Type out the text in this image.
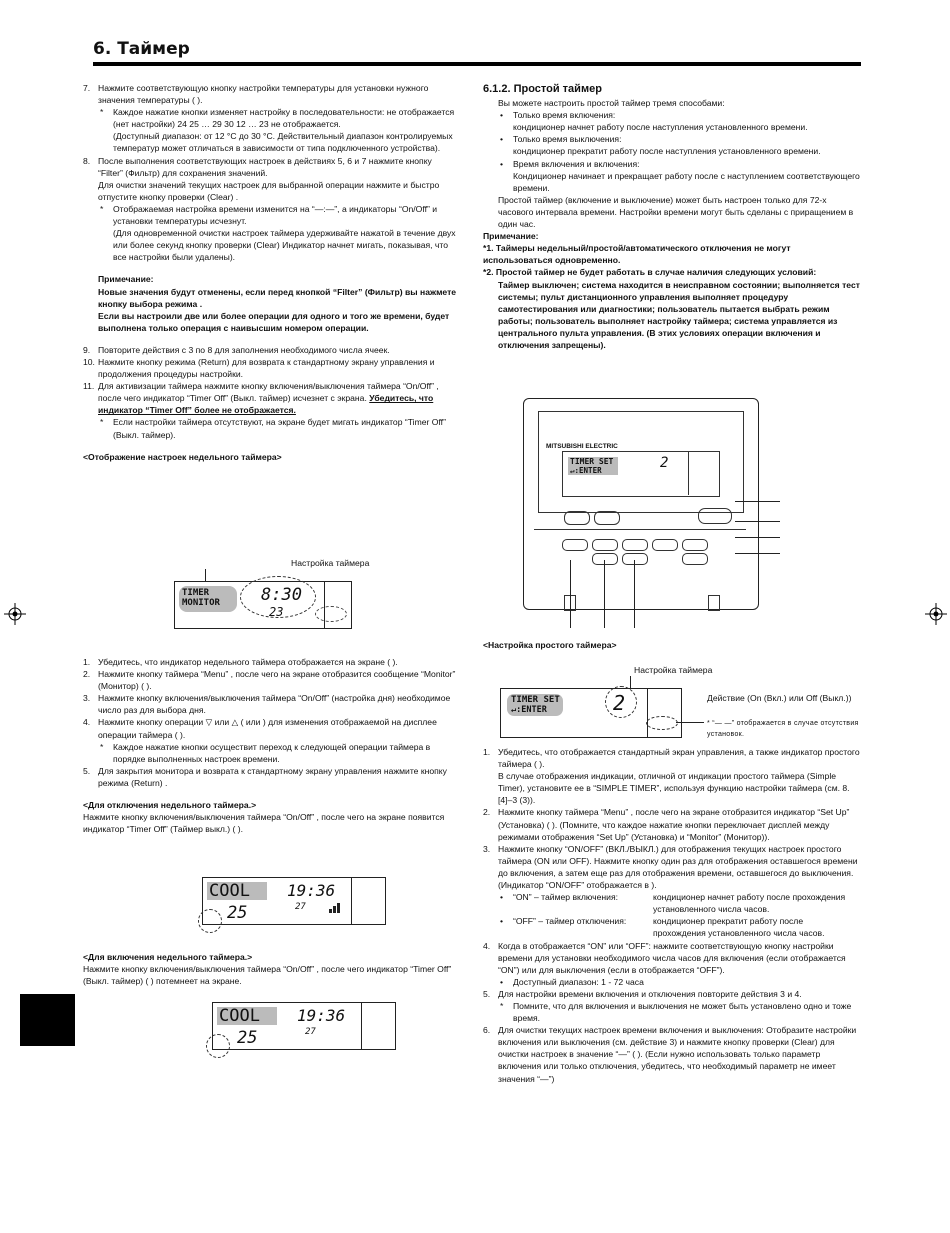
6. Таймер

7. Нажмите соответствующую кнопку настройки температуры для установки нужного значения температуры ( ).

* Каждое нажатие кнопки изменяет настройку в последовательности: не отображается (нет настройки) 24 25 … 29 30 12 … 23 не отображается.

(Доступный диапазон: от 12 °C до 30 °C. Действительный диапазон контролируемых температур может отличаться в зависимости от типа подключенного устройства).

8. После выполнения соответствующих настроек в действиях 5, 6 и 7 нажмите кнопку “Filter” (Фильтр) для сохранения значений.

Для очистки значений текущих настроек для выбранной операции нажмите и быстро отпустите кнопку проверки (Clear) .

* Отображаемая настройка времени изменится на “—:—”, а индикаторы “On/Off” и установки температуры исчезнут.

(Для одновременной очистки настроек таймера удерживайте нажатой в течение двух или более секунд кнопку проверки (Clear) Индикатор начнет мигать, показывая, что все настройки были удалены).

Примечание:

Новые значения будут отменены, если перед кнопкой “Filter” (Фильтр) вы нажмете кнопку выбора режима .

Если вы настроили две или более операции для одного и того же времени, будет выполнена только операция с наивысшим номером операции.

9. Повторите действия с 3 по 8 для заполнения необходимого числа ячеек.

10. Нажмите кнопку режима (Return) для возврата к стандартному экрану управления и продолжения процедуры настройки.

11. Для активизации таймера нажмите кнопку включения/выключения таймера “On/Off” , после чего индикатор “Timer Off” (Выкл. таймер) исчезнет с экрана. Убедитесь, что индикатор “Timer Off” более не отображается.

* Если настройки таймера отсутствуют, на экране будет мигать индикатор “Timer Off” (Выкл. таймер).

<Отображение настроек недельного таймера>

Настройка таймера
TIMER
MONITOR 8:30
23

1. Убедитесь, что индикатор недельного таймера отображается на экране ( ).

2. Нажмите кнопку таймера “Menu” , после чего на экране отобразится сообщение “Monitor” (Монитор) ( ).

3. Нажмите кнопку включения/выключения таймера “On/Off” (настройка дня) необходимое число раз для выбора дня.

4. Нажмите кнопку операции ▽ или △ ( или ) для изменения отображаемой на дисплее операции таймера ( ).

* Каждое нажатие кнопки осуществит переход к следующей операции таймера в порядке выполненных настроек времени.

5. Для закрытия монитора и возврата к стандартному экрану управления нажмите кнопку режима (Return) .

<Для отключения недельного таймера.>

Нажмите кнопку включения/выключения таймера “On/Off” , после чего на экране появится индикатор “Timer Off” (Таймер выкл.) ( ).

COOL 19:36
25	27

<Для включения недельного таймера.>

Нажмите кнопку включения/выключения таймера “On/Off” , после чего индикатор “Timer Off” (Выкл. таймер) ( ) потемнеет на экране.

COOL 19:36
25	27

6.1.2. Простой таймер

Вы можете настроить простой таймер тремя способами:

• Только время включения:

кондиционер начнет работу после наступления установленного времени.

• Только время выключения:

кондиционер прекратит работу после наступления установленного времени.

• Время включения и включения:

Кондиционер начинает и прекращает работу после с наступлением соответствующего времени.

Простой таймер (включение и выключение) может быть настроен только для 72-х часового интервала времени. Настройки времени могут быть сделаны с приращением в один час.

Примечание:

*1. Таймеры недельный/простой/автоматического отключения не могут использоваться одновременно.

*2. Простой таймер не будет работать в случае наличия следующих условий:

Таймер выключен; система находится в неисправном состоянии; выполняется тест системы; пульт дистанционного управления выполняет процедуру самотестирования или диагностики; пользователь пытается выбрать режим работы; пользователь выполняет настройку таймера; система управляется из центрального пульта управления. (В этих условиях операции включения и отключения запрещены).

MITSUBISHI ELECTRIC
TIMER SET
↵:ENTER	2
<Настройка простого таймера>
Настройка таймера
TIMER SET
↵:ENTER	2	Действие (On (Вкл.) или Off (Выкл.))
* “— —” отображается в случае отсутствия установок.

1. Убедитесь, что отображается стандартный экран управления, а также индикатор простого таймера ( ).

В случае отображения индикации, отличной от индикации простого таймера (Simple Timer), установите ее в “SIMPLE TIMER”, используя функцию настройки таймера (см. 8.[4]–3 (3)).

2. Нажмите кнопку таймера “Menu” , после чего на экране отобразится индикатор “Set Up” (Установка) ( ). (Помните, что каждое нажатие кнопки переключает дисплей между режимами отображения “Set Up” (Установка) и “Monitor” (Монитор)).

3. Нажмите кнопку “ON/OFF” (ВКЛ./ВЫКЛ.) для отображения текущих настроек простого таймера (ON или OFF). Нажмите кнопку один раз для отображения оставшегося времени до включения, а затем еще раз для отображения времени, оставшегося до выключения. (Индикатор “ON/OFF” отображается в ).

• “ON” – таймер включения:	кондиционер начнет работу после прохождения установленного числа часов.
• “OFF” – таймер отключения:	кондиционер прекратит работу после прохождения установленного числа часов.

4. Когда в отображается “ON” или “OFF”: нажмите соответствующую кнопку настройки времени для установки необходимого числа часов для включения (если отображается “ON”) или для выключения (если в отображается “OFF”).

• Доступный диапазон: 1 - 72 часа

5. Для настройки времени включения и отключения повторите действия 3 и 4.

* Помните, что для включения и выключения не может быть установлено одно и тоже время.

6. Для очистки текущих настроек времени включения и выключения: Отобразите настройки включения или выключения (см. действие 3) и нажмите кнопку проверки (Clear) для очистки настроек в значение “—” ( ). (Если нужно использовать только параметр включения или только отключения, убедитесь, что необходимый параметр не имеет значения “—”)
